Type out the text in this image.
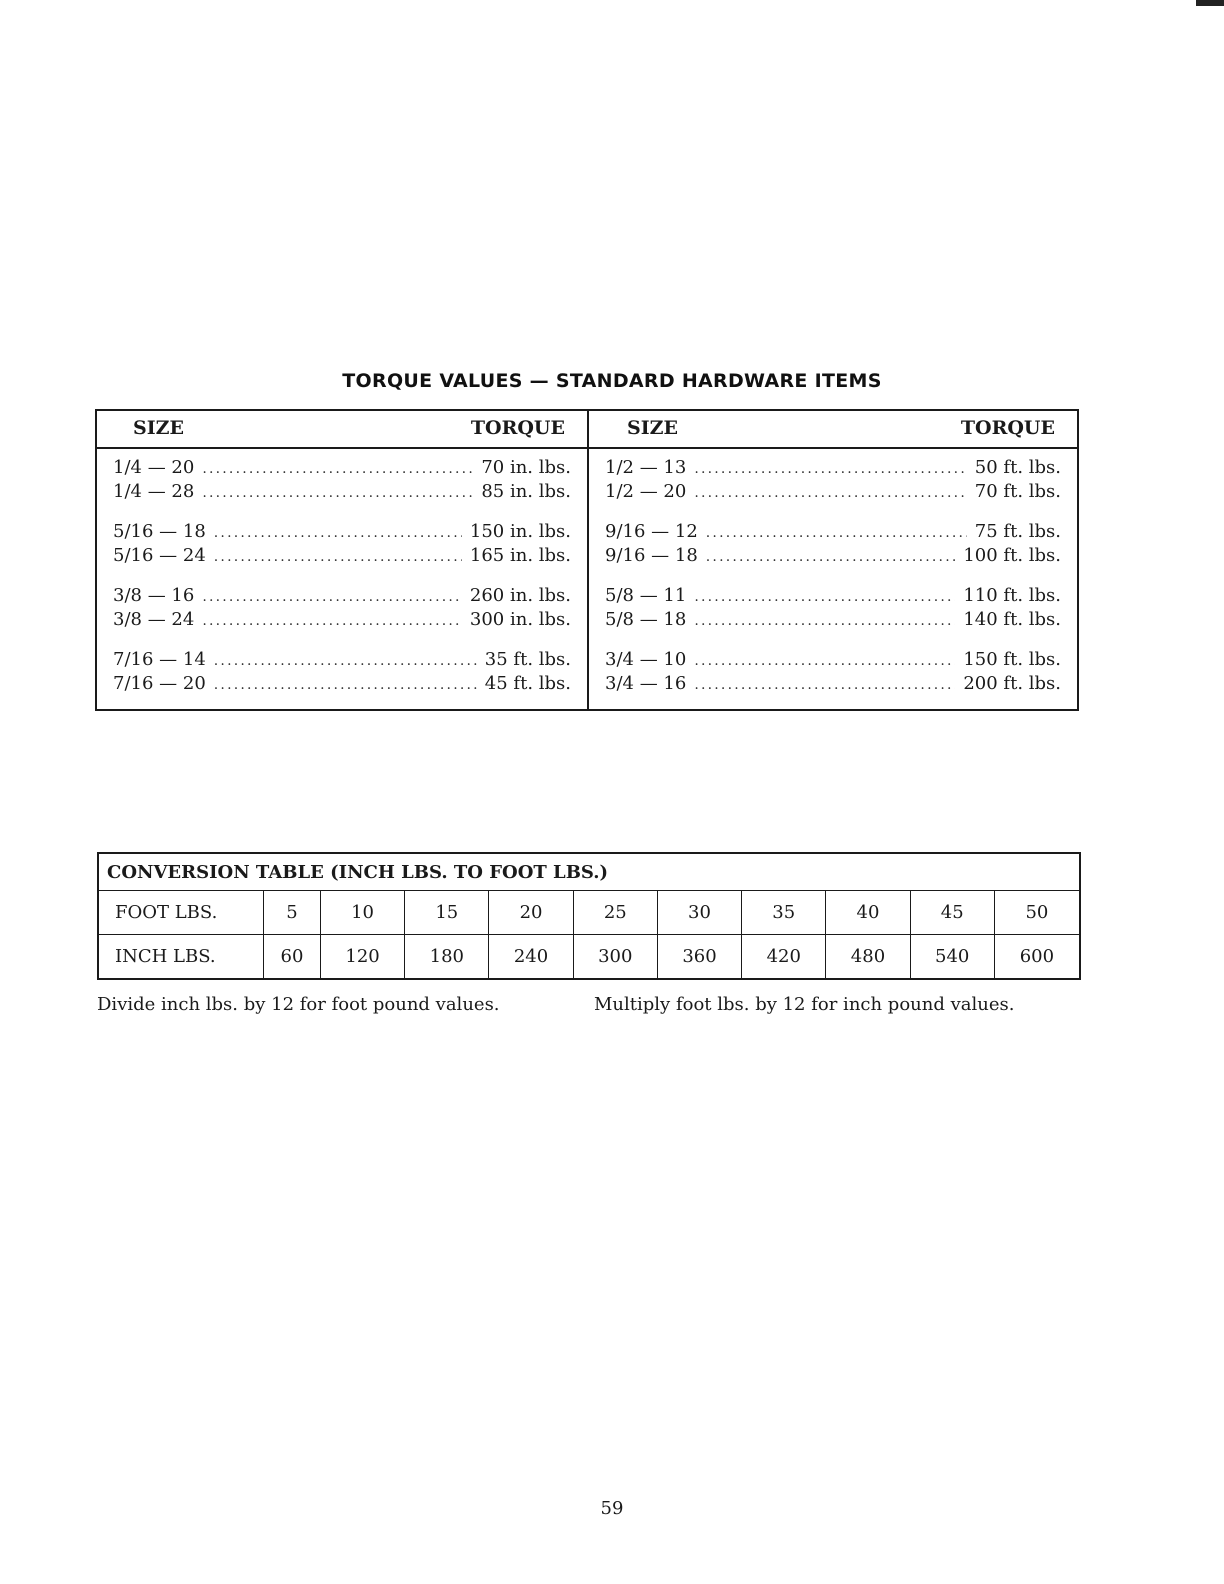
TORQUE VALUES — STANDARD HARDWARE ITEMS
SIZE	TORQUE
1/4 — 20 .....	70 in. lbs.
1/4 — 28 .....	85 in. lbs.
5/16 — 18 .....	150 in. lbs.
5/16 — 24 .....	165 in. lbs.
3/8 — 16 .....	260 in. lbs.
3/8 — 24 .....	300 in. lbs.
7/16 — 14 .....	35 ft. lbs.
7/16 — 20 .....	45 ft. lbs.
SIZE	TORQUE
1/2 — 13 .....	50 ft. lbs.
1/2 — 20 .....	70 ft. lbs.
9/16 — 12 .....	75 ft. lbs.
9/16 — 18 .....	100 ft. lbs.
5/8 — 11 .....	110 ft. lbs.
5/8 — 18 .....	140 ft. lbs.
3/4 — 10 .....	150 ft. lbs.
3/4 — 16 .....	200 ft. lbs.
CONVERSION TABLE (INCH LBS. TO FOOT LBS.)										
FOOT LBS.	5	10	15	20	25	30	35	40	45	50
INCH LBS.	60	120	180	240	300	360	420	480	540	600
Divide inch lbs. by 12 for foot pound values.	Multiply foot lbs. by 12 for inch pound values.
59
